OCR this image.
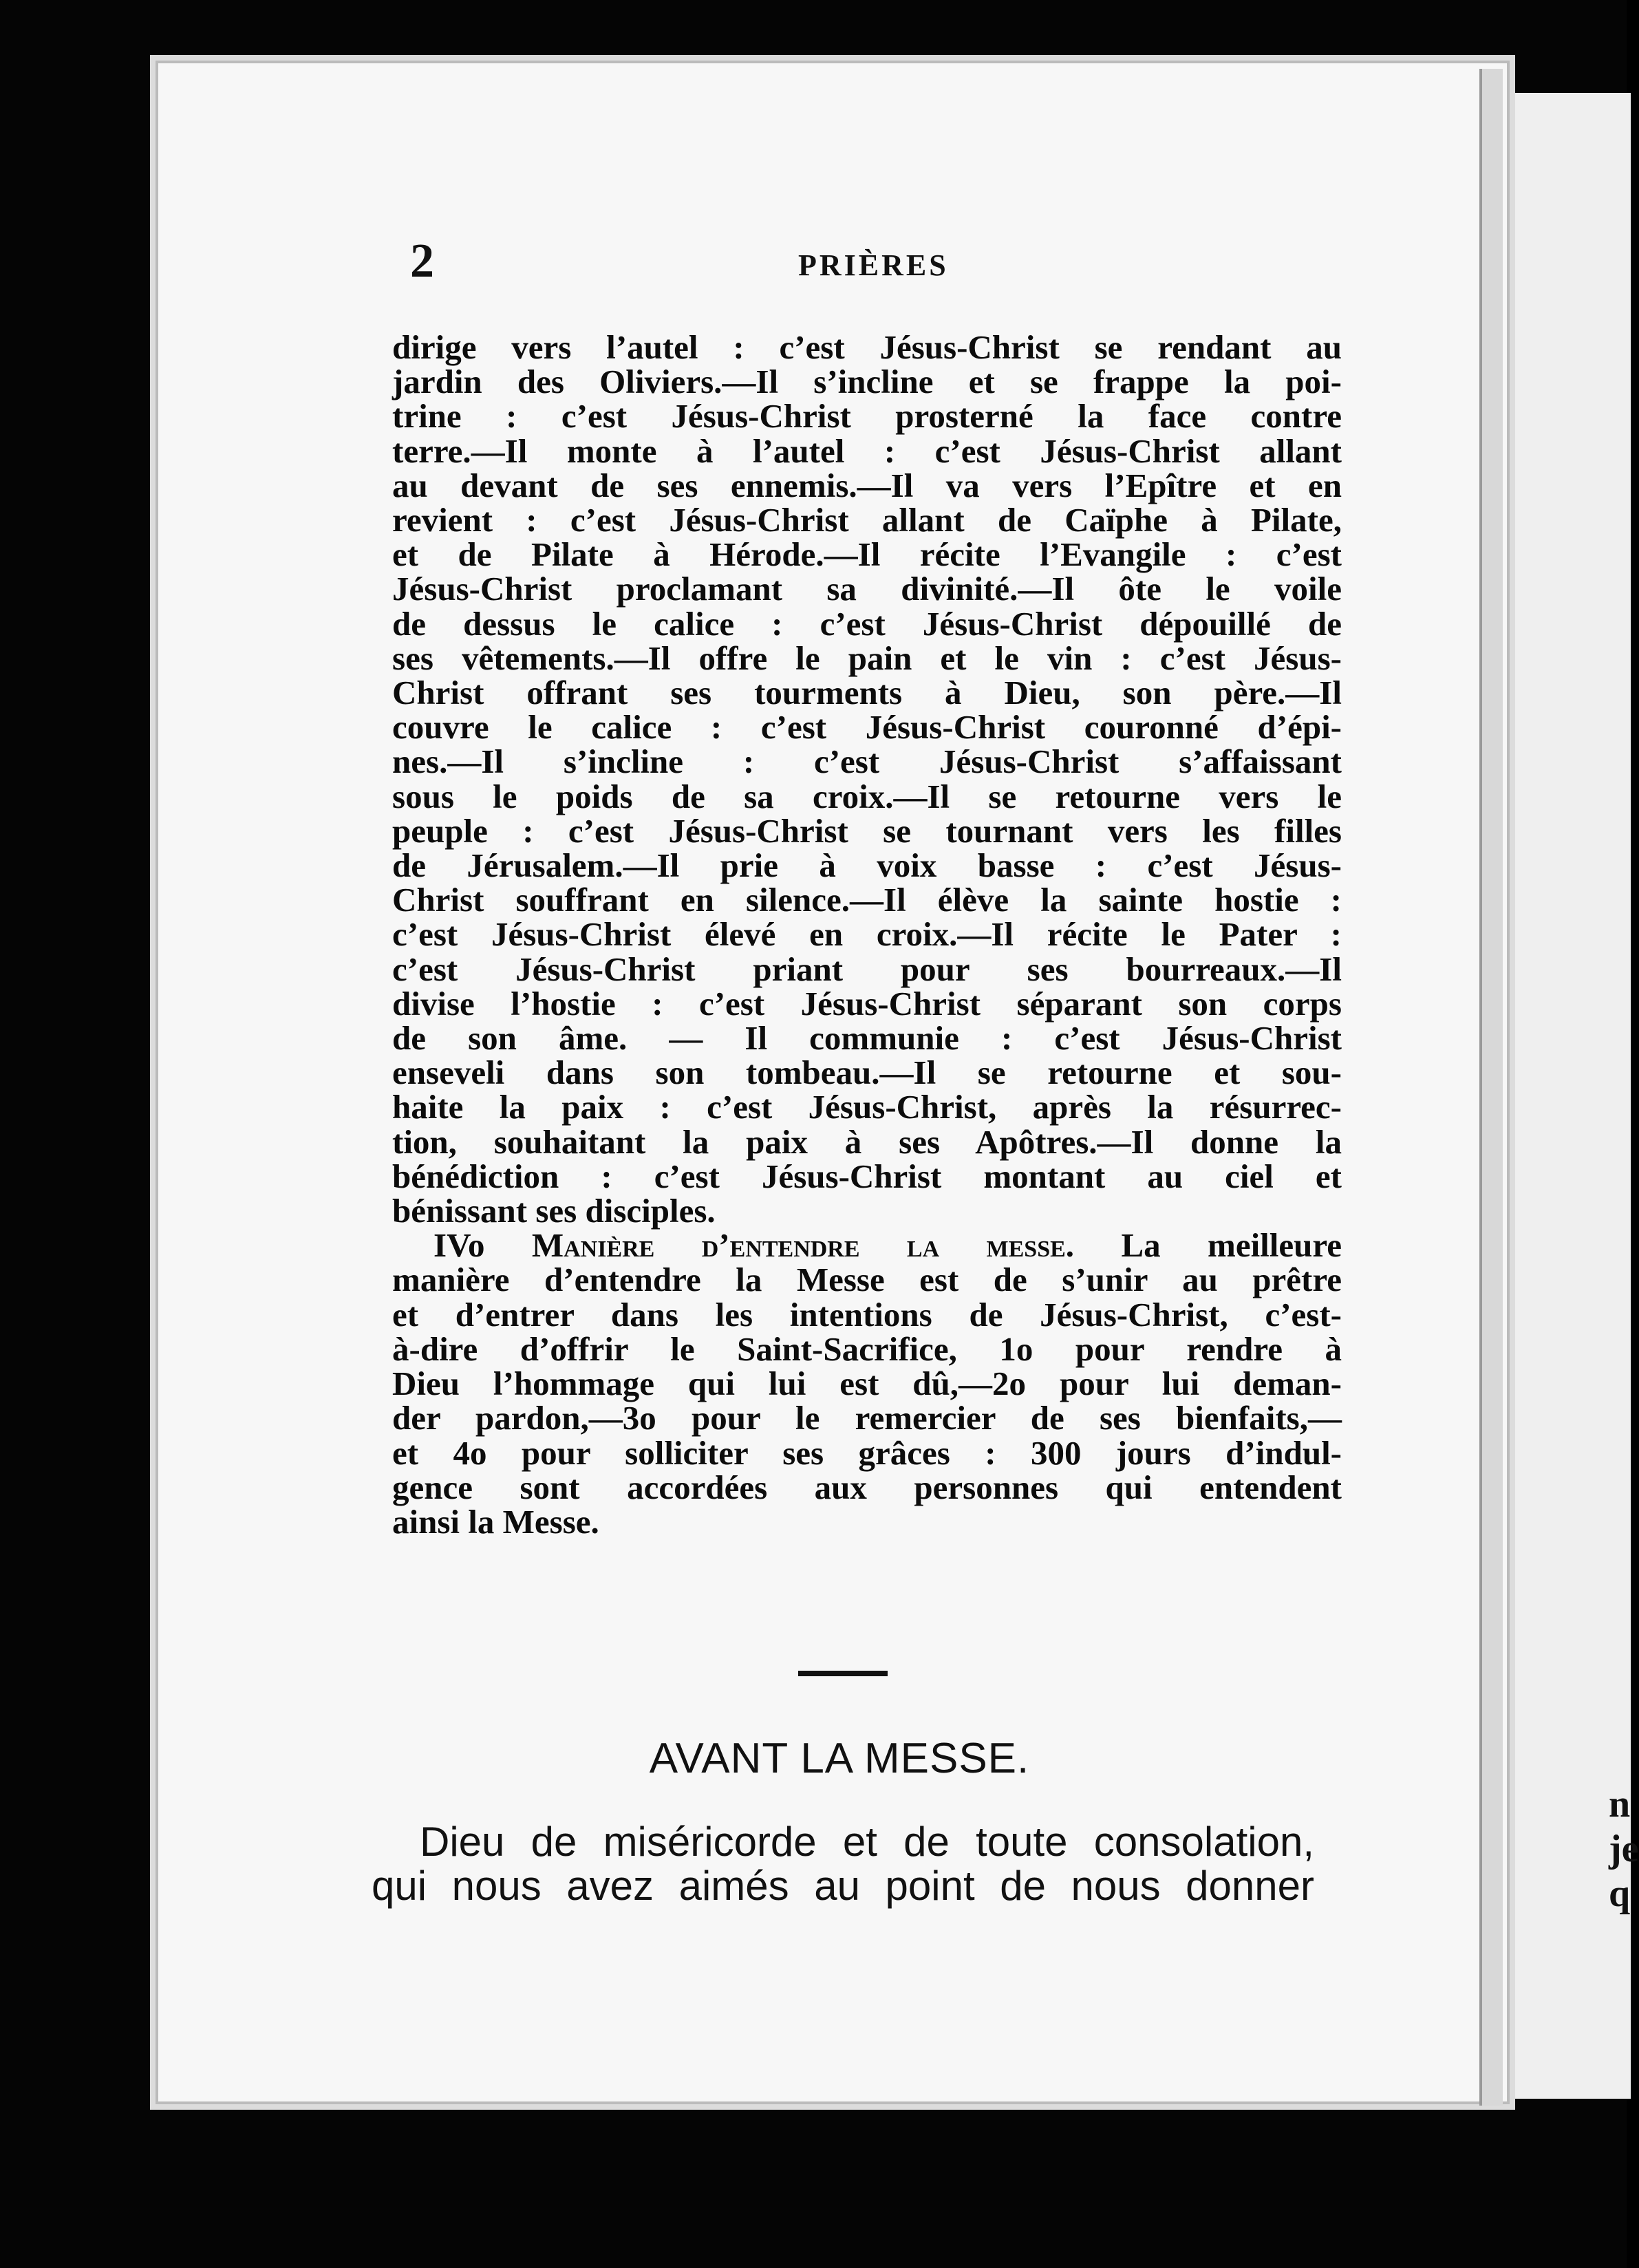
n
je
q
2	PRIÈRES
dirige vers l’autel : c’est Jésus-Christ se rendant au
jardin des Oliviers.—Il s’incline et se frappe la poi-
trine : c’est Jésus-Christ prosterné la face contre
terre.—Il monte à l’autel : c’est Jésus-Christ allant
au devant de ses ennemis.—Il va vers l’Epître et en
revient : c’est Jésus-Christ allant de Caïphe à Pilate,
et de Pilate à Hérode.—Il récite l’Evangile : c’est
Jésus-Christ proclamant sa divinité.—Il ôte le voile
de dessus le calice : c’est Jésus-Christ dépouillé de
ses vêtements.—Il offre le pain et le vin : c’est Jésus-
Christ offrant ses tourments à Dieu, son père.—Il
couvre le calice : c’est Jésus-Christ couronné d’épi-
nes.—Il s’incline : c’est Jésus-Christ s’affaissant
sous le poids de sa croix.—Il se retourne vers le
peuple : c’est Jésus-Christ se tournant vers les filles
de Jérusalem.—Il prie à voix basse : c’est Jésus-
Christ souffrant en silence.—Il élève la sainte hostie :
c’est Jésus-Christ élevé en croix.—Il récite le Pater :
c’est Jésus-Christ priant pour ses bourreaux.—Il
divise l’hostie : c’est Jésus-Christ séparant son corps
de son âme. — Il communie : c’est Jésus-Christ
enseveli dans son tombeau.—Il se retourne et sou-
haite la paix : c’est Jésus-Christ, après la résurrec-
tion, souhaitant la paix à ses Apôtres.—Il donne la
bénédiction : c’est Jésus-Christ montant au ciel et
bénissant ses disciples.
IVo Manière d’entendre la messe. La meilleure
manière d’entendre la Messe est de s’unir au prêtre
et d’entrer dans les intentions de Jésus-Christ, c’est-
à-dire d’offrir le Saint-Sacrifice, 1o pour rendre à
Dieu l’hommage qui lui est dû,—2o pour lui deman-
der pardon,—3o pour le remercier de ses bienfaits,—
et 4o pour solliciter ses grâces : 300 jours d’indul-
gence sont accordées aux personnes qui entendent
ainsi la Messe.
AVANT LA MESSE.
Dieu de miséricorde et de toute consolation,
qui nous avez aimés au point de nous donner
